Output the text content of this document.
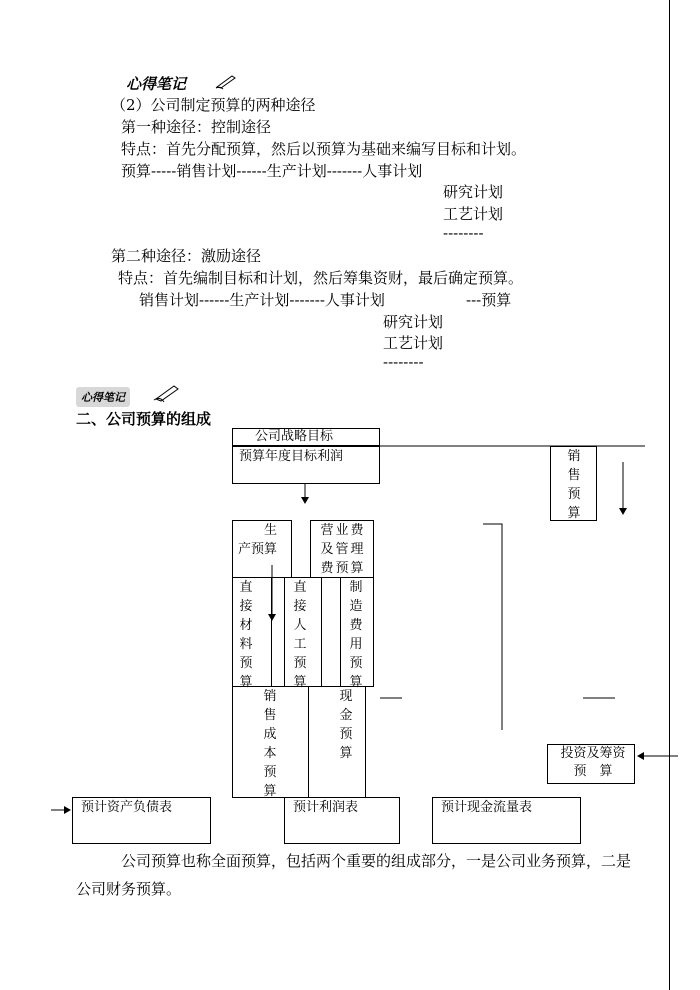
心得笔记
（2）公司制定预算的两种途径
第一种途径：控制途径
特点：首先分配预算，然后以预算为基础来编写目标和计划。
预算-----销售计划------生产计划-------人事计划
研究计划
工艺计划
--------
第二种途径：激励途径
特点：首先编制目标和计划，然后筹集资财，最后确定预算。
销售计划------生产计划-------人事计划	---预算
研究计划
工艺计划
--------
心得笔记
二、公司预算的组成
公司战略目标
预算年度目标利润	销售预算
生
产预算
营业费及管理费预算
直接材料预算
直接人工预算
制造费用预算
销售成本预算
现金预算	投资及筹资 预　算
预计资产负债表	预计利润表	预计现金流量表
公司预算也称全面预算，包括两个重要的组成部分，一是公司业务预算，二是公司财务预算。
